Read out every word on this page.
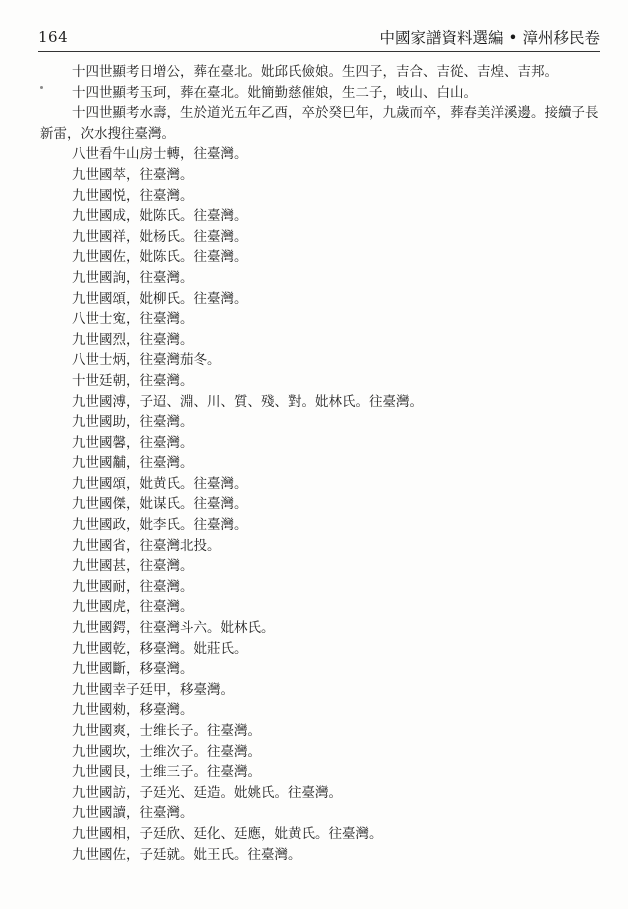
164	中國家譜資料選編 • 漳州移民卷
十四世顯考日增公，葬在臺北。妣邱氏儉娘。生四子，吉合、吉從、吉煌、吉邦。
十四世顯考玉珂，葬在臺北。妣簡勤慈催娘，生二子，岐山、白山。
十四世顯考水壽，生於道光五年乙酉，卒於癸巳年，九歲而卒，葬春美洋溪邊。接續子長新雷，次水搜往臺灣。
八世看牛山房士轉，往臺灣。
九世國萃，往臺灣。
九世國悦，往臺灣。
九世國成，妣陈氏。往臺灣。
九世國祥，妣杨氏。往臺灣。
九世國佐，妣陈氏。往臺灣。
九世國詢，往臺灣。
九世國頌，妣柳氏。往臺灣。
八世士寃，往臺灣。
九世國烈，往臺灣。
八世士炳，往臺灣茄冬。
十世廷朝，往臺灣。
九世國溥，子迢、淵、川、質、殘、對。妣林氏。往臺灣。
九世國助，往臺灣。
九世國馨，往臺灣。
九世國黼，往臺灣。
九世國頌，妣黄氏。往臺灣。
九世國傑，妣谋氏。往臺灣。
九世國政，妣李氏。往臺灣。
九世國省，往臺灣北投。
九世國甚，往臺灣。
九世國耐，往臺灣。
九世國虎，往臺灣。
九世國鍔，往臺灣斗六。妣林氏。
九世國乾，移臺灣。妣莊氏。
九世國斷，移臺灣。
九世國幸子廷甲，移臺灣。
九世國勑，移臺灣。
九世國爽，士维长子。往臺灣。
九世國坎，士维次子。往臺灣。
九世國艮，士维三子。往臺灣。
九世國訪，子廷光、廷造。妣姚氏。往臺灣。
九世國讀，往臺灣。
九世國相，子廷欣、廷化、廷應，妣黄氏。往臺灣。
九世國佐，子廷就。妣王氏。往臺灣。
